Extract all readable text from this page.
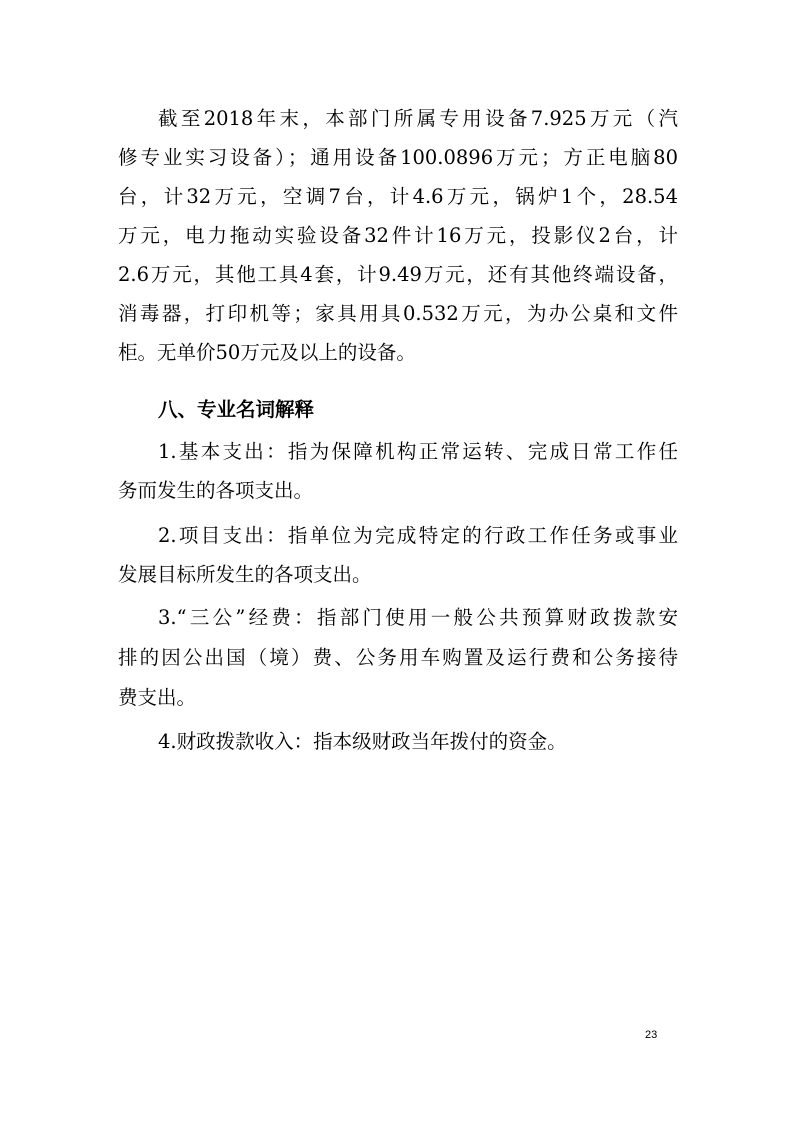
截至2018年末，本部门所属专用设备7.925万元（汽
修专业实习设备）；通用设备100.0896万元；方正电脑80
台，计32万元，空调7台，计4.6万元，锅炉1个，28.54
万元，电力拖动实验设备32件计16万元，投影仪2台，计
2.6万元，其他工具4套，计9.49万元，还有其他终端设备，
消毒器，打印机等；家具用具0.532万元，为办公桌和文件
柜。无单价50万元及以上的设备。
八、专业名词解释
1.基本支出：指为保障机构正常运转、完成日常工作任
务而发生的各项支出。
2.项目支出：指单位为完成特定的行政工作任务或事业
发展目标所发生的各项支出。
3.“三公”经费：指部门使用一般公共预算财政拨款安
排的因公出国（境）费、公务用车购置及运行费和公务接待
费支出。
4.财政拨款收入：指本级财政当年拨付的资金。
23
